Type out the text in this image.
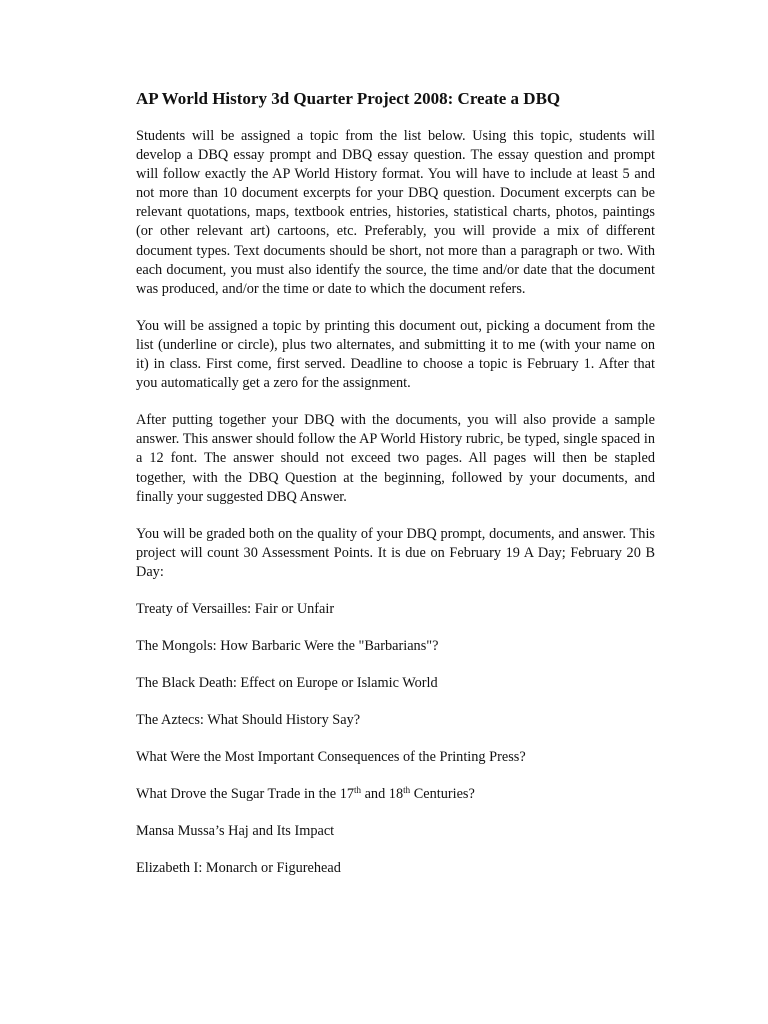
AP World History 3d Quarter Project 2008: Create a DBQ

Students will be assigned a topic from the list below. Using this topic, students will develop a DBQ essay prompt and DBQ essay question. The essay question and prompt will follow exactly the AP World History format. You will have to include at least 5 and not more than 10 document excerpts for your DBQ question. Document excerpts can be relevant quotations, maps, textbook entries, histories, statistical charts, photos, paintings (or other relevant art) cartoons, etc. Preferably, you will provide a mix of different document types. Text documents should be short, not more than a paragraph or two. With each document, you must also identify the source, the time and/or date that the document was produced, and/or the time or date to which the document refers.

You will be assigned a topic by printing this document out, picking a document from the list (underline or circle), plus two alternates, and submitting it to me (with your name on it) in class. First come, first served. Deadline to choose a topic is February 1. After that you automatically get a zero for the assignment.

After putting together your DBQ with the documents, you will also provide a sample answer. This answer should follow the AP World History rubric, be typed, single spaced in a 12 font. The answer should not exceed two pages. All pages will then be stapled together, with the DBQ Question at the beginning, followed by your documents, and finally your suggested DBQ Answer.

You will be graded both on the quality of your DBQ prompt, documents, and answer. This project will count 30 Assessment Points. It is due on February 19 A Day; February 20 B Day:

Treaty of Versailles: Fair or Unfair
The Mongols: How Barbaric Were the "Barbarians"?
The Black Death: Effect on Europe or Islamic World
The Aztecs: What Should History Say?
What Were the Most Important Consequences of the Printing Press?
What Drove the Sugar Trade in the 17th and 18th Centuries?
Mansa Mussa’s Haj and Its Impact
Elizabeth I: Monarch or Figurehead
